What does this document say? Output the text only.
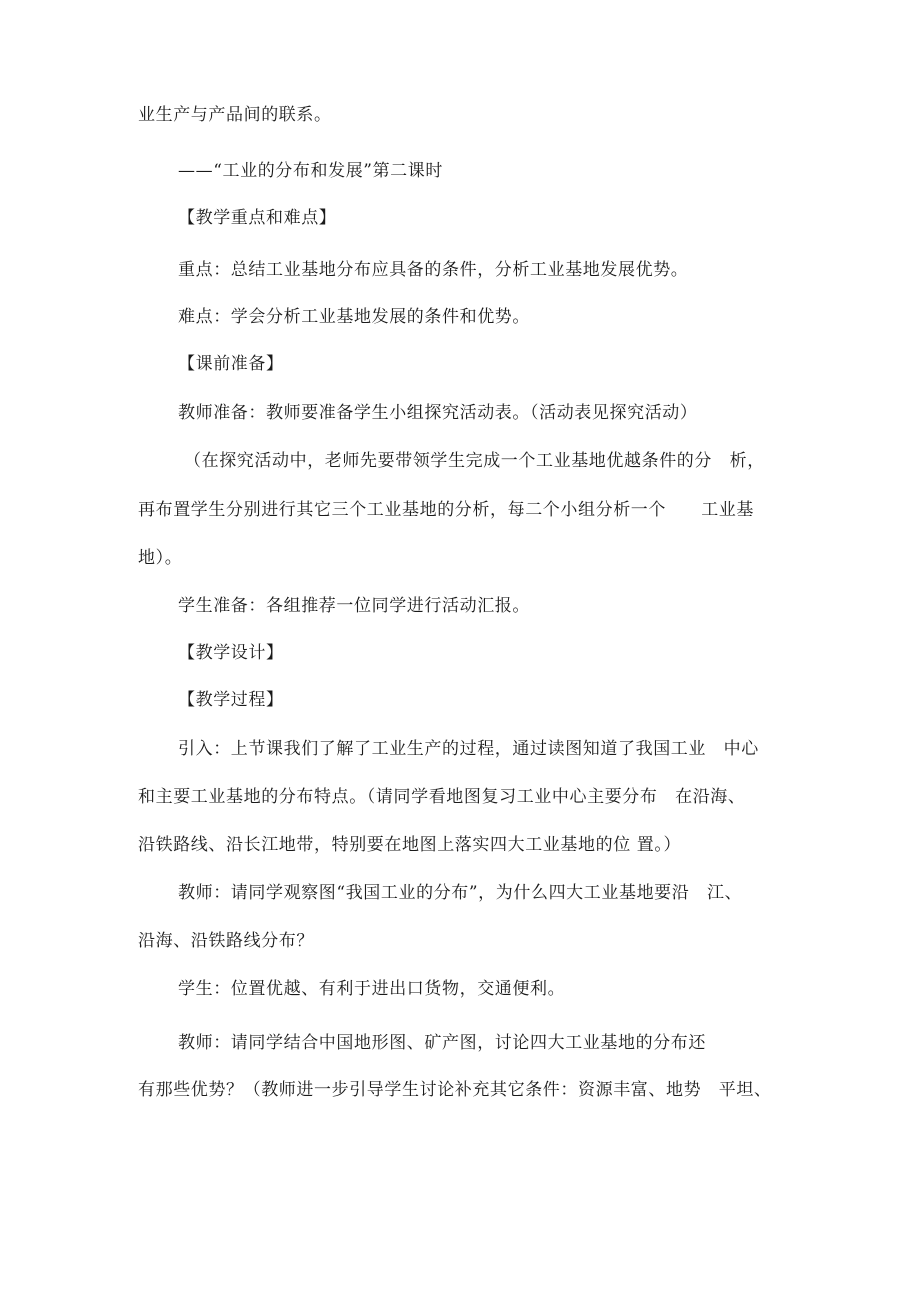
业生产与产品间的联系。
——“工业的分布和发展”第二课时
【教学重点和难点】
重点：总结工业基地分布应具备的条件，分析工业基地发展优势。
难点：学会分析工业基地发展的条件和优势。
【课前准备】
教师准备：教师要准备学生小组探究活动表。（活动表见探究活动）
（在探究活动中，老师先要带领学生完成一个工业基地优越条件的分　析，
再布置学生分别进行其它三个工业基地的分析，每二个小组分析一个　　工业基
地）。
学生准备：各组推荐一位同学进行活动汇报。
【教学设计】
【教学过程】
引入：上节课我们了解了工业生产的过程，通过读图知道了我国工业　中心
和主要工业基地的分布特点。（请同学看地图复习工业中心主要分布　在沿海、
沿铁路线、沿长江地带，特别要在地图上落实四大工业基地的位 置。）
教师：请同学观察图“我国工业的分布”，为什么四大工业基地要沿　江、
沿海、沿铁路线分布？
学生：位置优越、有利于进出口货物，交通便利。
教师：请同学结合中国地形图、矿产图，讨论四大工业基地的分布还
有那些优势？（教师进一步引导学生讨论补充其它条件：资源丰富、地势　平坦、
